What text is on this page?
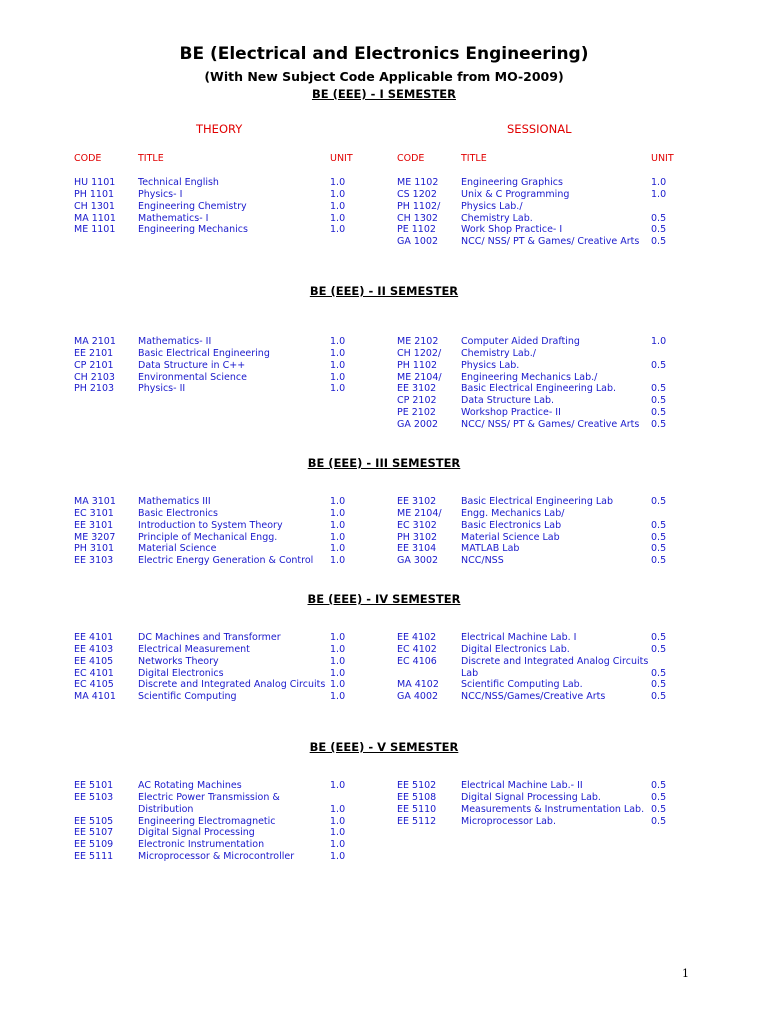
BE (Electrical and Electronics Engineering)
(With New Subject Code Applicable from MO-2009)
THEORY	SESSIONAL
CODE	TITLE	UNIT	CODE	TITLE	UNIT
BE (EEE) - I SEMESTER
HU 1101 Technical English	1.0
PH 1101	Physics- I	1.0
CH 1301 Engineering Chemistry	1.0
MA 1101 Mathematics- I	1.0
ME 1101 Engineering Mechanics	1.0
ME 1102 Engineering Graphics	1.0
CS 1202	Unix & C Programming	1.0
PH 1102/ Physics Lab./
CH 1302 Chemistry Lab.	0.5
PE 1102	Work Shop Practice- I	0.5
GA 1002 NCC/ NSS/ PT & Games/ Creative Arts 0.5
BE (EEE) - II SEMESTER
MA 2101 Mathematics- II	1.0
EE 2101	Basic Electrical Engineering	1.0
CP 2101	Data Structure in C++	1.0
CH 2103 Environmental Science	1.0
PH 2103	Physics- II	1.0
ME 2102 Computer Aided Drafting	1.0
CH 1202/ Chemistry Lab./
PH 1102	Physics Lab.	0.5
ME 2104/ Engineering Mechanics Lab./
EE 3102	Basic Electrical Engineering Lab.	0.5
CP 2102	Data Structure Lab.	0.5
PE 2102	Workshop Practice- II	0.5
GA 2002 NCC/ NSS/ PT & Games/ Creative Arts 0.5
BE (EEE) - III SEMESTER
MA 3101 Mathematics III	1.0
EC 3101	Basic Electronics	1.0
EE 3101	Introduction to System Theory	1.0
ME 3207 Principle of Mechanical Engg.	1.0
PH 3101	Material Science	1.0
EE 3103	Electric Energy Generation & Control 1.0
EE 3102	Basic Electrical Engineering Lab	0.5
ME 2104/ Engg. Mechanics Lab/
EC 3102	Basic Electronics Lab	0.5
PH 3102	Material Science Lab	0.5
EE 3104	MATLAB Lab	0.5
GA 3002 NCC/NSS	0.5
BE (EEE) - IV SEMESTER
EE 4101	DC Machines and Transformer	1.0
EE 4103	Electrical Measurement	1.0
EE 4105	Networks Theory	1.0
EC 4101	Digital Electronics	1.0
EC 4105	Discrete and Integrated Analog Circuits 1.0
MA 4101 Scientific Computing	1.0
EE 4102	Electrical Machine Lab. I	0.5
EC 4102	Digital Electronics Lab.	0.5
EC 4106	Discrete and Integrated Analog Circuits
Lab	0.5
MA 4102 Scientific Computing Lab.	0.5
GA 4002 NCC/NSS/Games/Creative Arts	0.5
BE (EEE) - V SEMESTER
EE 5101	AC Rotating Machines	1.0
EE 5103	Electric Power Transmission &
Distribution	1.0
EE 5105	Engineering Electromagnetic	1.0
EE 5107	Digital Signal Processing	1.0
EE 5109	Electronic Instrumentation	1.0
EE 5111	Microprocessor & Microcontroller	1.0
EE 5102	Electrical Machine Lab.- II	0.5
EE 5108	Digital Signal Processing Lab.	0.5
EE 5110	Measurements & Instrumentation Lab. 0.5
EE 5112	Microprocessor Lab.	0.5
1
